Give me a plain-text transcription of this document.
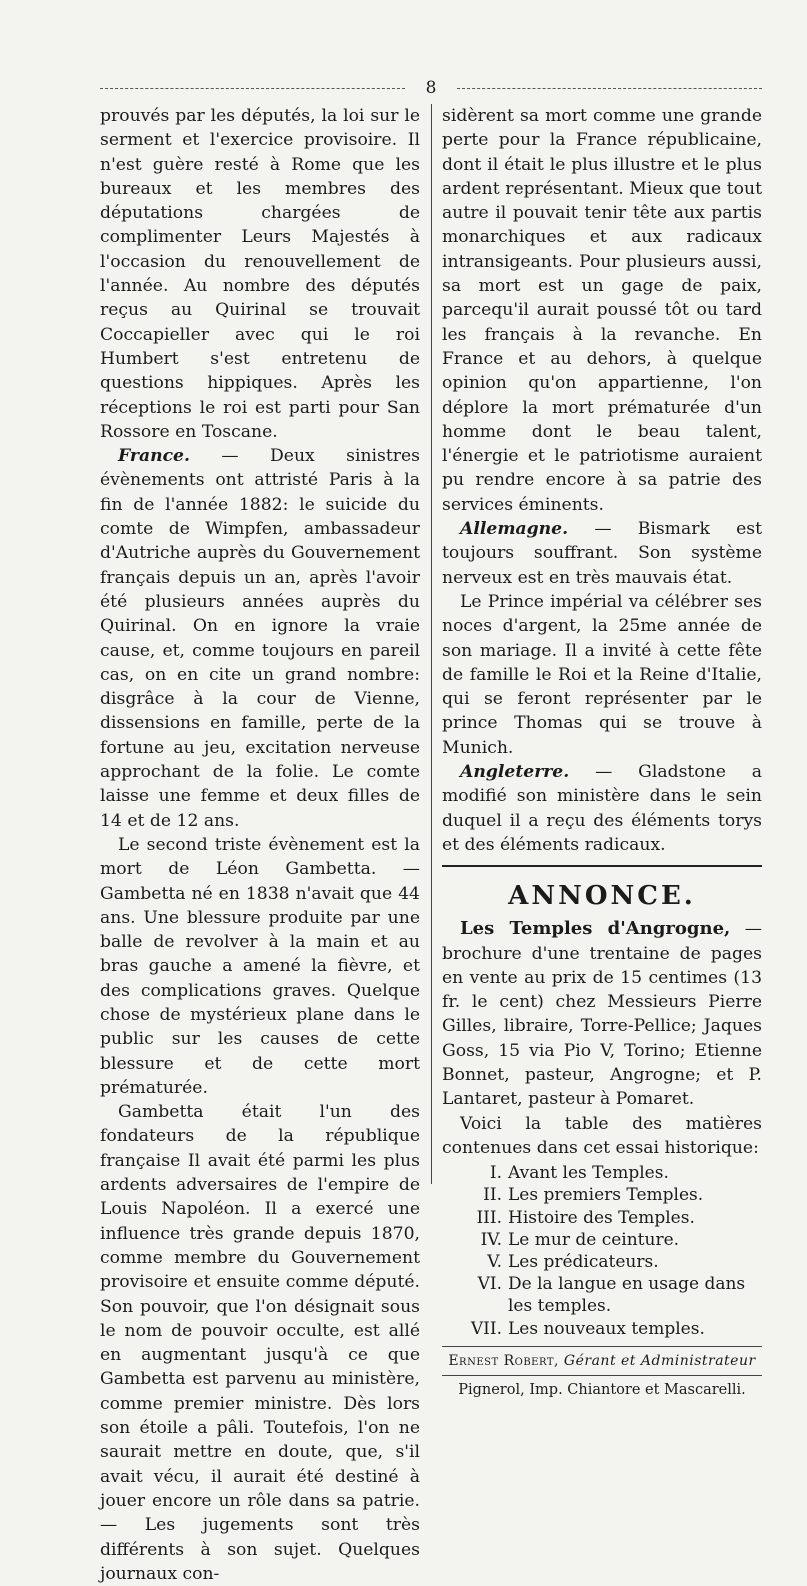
8

prouvés par les députés, la loi sur le serment et l'exercice provisoire. Il n'est guère resté à Rome que les bureaux et les membres des députations chargées de complimenter Leurs Majestés à l'occasion du renouvellement de l'année. Au nombre des députés reçus au Quirinal se trouvait Coccapieller avec qui le roi Humbert s'est entretenu de questions hippiques. Après les réceptions le roi est parti pour San Rossore en Toscane.

France. — Deux sinistres évènements ont attristé Paris à la fin de l'année 1882: le suicide du comte de Wimpfen, ambassadeur d'Autriche auprès du Gouvernement français depuis un an, après l'avoir été plusieurs années auprès du Quirinal. On en ignore la vraie cause, et, comme toujours en pareil cas, on en cite un grand nombre: disgrâce à la cour de Vienne, dissensions en famille, perte de la fortune au jeu, excitation nerveuse approchant de la folie. Le comte laisse une femme et deux filles de 14 et de 12 ans.

Le second triste évènement est la mort de Léon Gambetta. — Gambetta né en 1838 n'avait que 44 ans. Une blessure produite par une balle de revolver à la main et au bras gauche a amené la fièvre, et des complications graves. Quelque chose de mystérieux plane dans le public sur les causes de cette blessure et de cette mort prématurée.

Gambetta était l'un des fondateurs de la république française Il avait été parmi les plus ardents adversaires de l'empire de Louis Napoléon. Il a exercé une influence très grande depuis 1870, comme membre du Gouvernement provisoire et ensuite comme député. Son pouvoir, que l'on désignait sous le nom de pouvoir occulte, est allé en augmentant jusqu'à ce que Gambetta est parvenu au ministère, comme premier ministre. Dès lors son étoile a pâli. Toutefois, l'on ne saurait mettre en doute, que, s'il avait vécu, il aurait été destiné à jouer encore un rôle dans sa patrie. — Les jugements sont très différents à son sujet. Quelques journaux con-

sidèrent sa mort comme une grande perte pour la France républicaine, dont il était le plus illustre et le plus ardent représentant. Mieux que tout autre il pouvait tenir tête aux partis monarchiques et aux radicaux intransigeants. Pour plusieurs aussi, sa mort est un gage de paix, parcequ'il aurait poussé tôt ou tard les français à la revanche. En France et au dehors, à quelque opinion qu'on appartienne, l'on déplore la mort prématurée d'un homme dont le beau talent, l'énergie et le patriotisme auraient pu rendre encore à sa patrie des services éminents.

Allemagne. — Bismark est toujours souffrant. Son système nerveux est en très mauvais état.

Le Prince impérial va célébrer ses noces d'argent, la 25me année de son mariage. Il a invité à cette fête de famille le Roi et la Reine d'Italie, qui se feront représenter par le prince Thomas qui se trouve à Munich.

Angleterre. — Gladstone a modifié son ministère dans le sein duquel il a reçu des éléments torys et des éléments radicaux.

ANNONCE.

Les Temples d'Angrogne, — brochure d'une trentaine de pages en vente au prix de 15 centimes (13 fr. le cent) chez Messieurs Pierre Gilles, libraire, Torre-Pellice; Jaques Goss, 15 via Pio V, Torino; Etienne Bonnet, pasteur, Angrogne; et P. Lantaret, pasteur à Pomaret.

Voici la table des matières contenues dans cet essai historique:

I. Avant les Temples.
II. Les premiers Temples.
III. Histoire des Temples.
IV. Le mur de ceinture.
V. Les prédicateurs.
VI. De la langue en usage dans les temples.
VII. Les nouveaux temples.
Ernest Robert, Gérant et Administrateur
Pignerol, Imp. Chiantore et Mascarelli.
